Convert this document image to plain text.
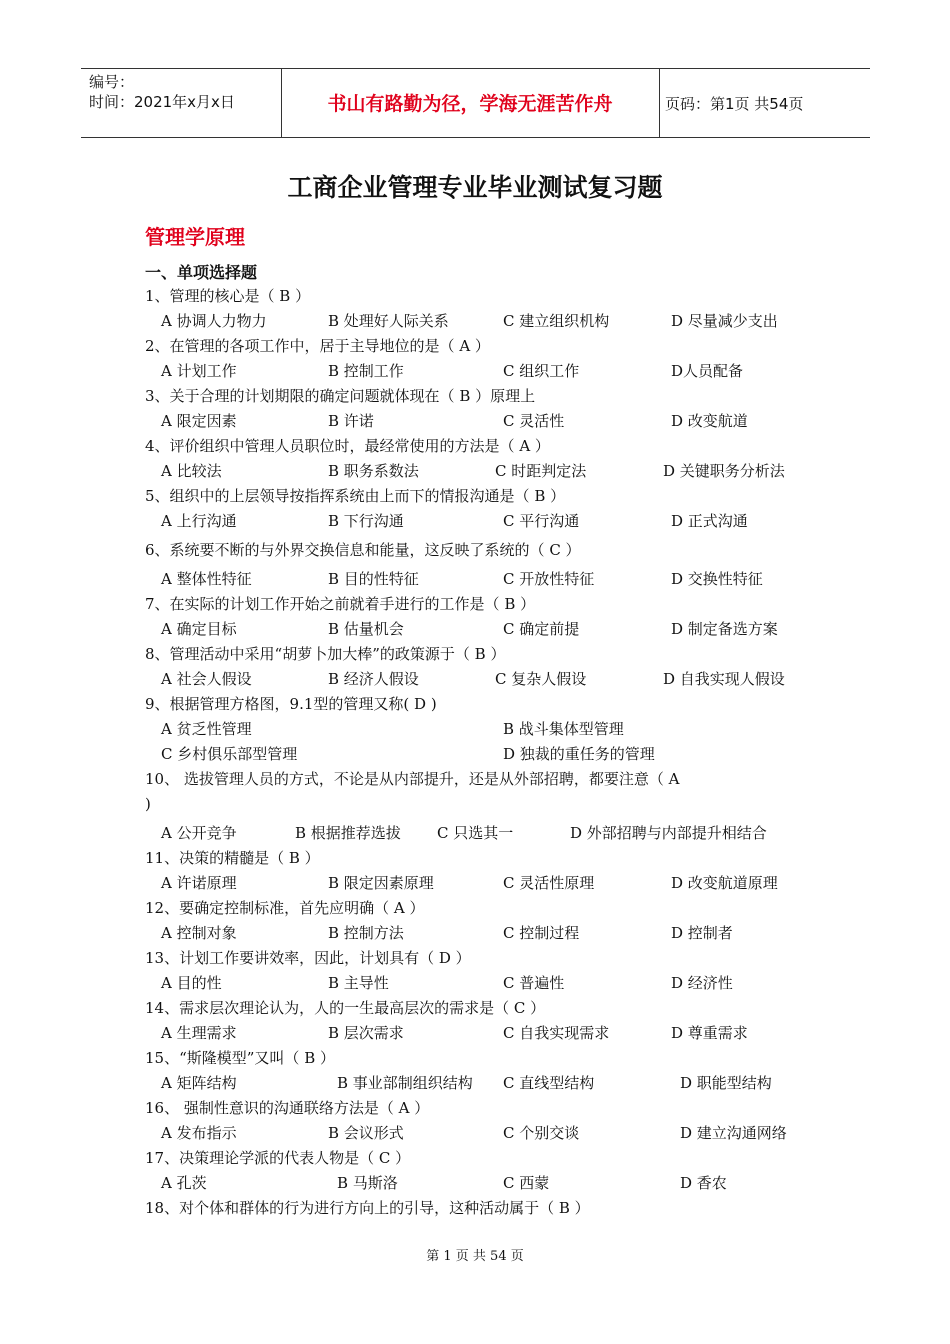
编号：
时间：2021年x月x日	书山有路勤为径，学海无涯苦作舟	页码：第1页 共54页
工商企业管理专业毕业测试复习题
管理学原理
一、单项选择题
1、管理的核心是（ B ）
A 协调人力物力	B 处理好人际关系	C 建立组织机构	D 尽量减少支出
2、在管理的各项工作中，居于主导地位的是（ A ）
A 计划工作	B 控制工作	C 组织工作	D人员配备
3、关于合理的计划期限的确定问题就体现在（ B ）原理上
A 限定因素	B 许诺	C 灵活性	D 改变航道
4、评价组织中管理人员职位时，最经常使用的方法是（ A ）
A 比较法	B 职务系数法	C 时距判定法	D 关键职务分析法
5、组织中的上层领导按指挥系统由上而下的情报沟通是（ B ）
A 上行沟通	B 下行沟通	C 平行沟通	D 正式沟通
6、系统要不断的与外界交换信息和能量，这反映了系统的（ C ）
A 整体性特征	B 目的性特征	C 开放性特征	D 交换性特征
7、在实际的计划工作开始之前就着手进行的工作是（ B ）
A 确定目标	B 估量机会	C 确定前提	D 制定备选方案
8、管理活动中采用“胡萝卜加大棒”的政策源于（ B ）
A 社会人假设	B 经济人假设	C 复杂人假设	D 自我实现人假设
9、根据管理方格图，9.1型的管理又称( D )
A 贫乏性管理	B 战斗集体型管理
C 乡村俱乐部型管理	D 独裁的重任务的管理
10、 选拔管理人员的方式，不论是从内部提升，还是从外部招聘，都要注意（ A
)
A 公开竞争	B 根据推荐选拔 C 只选其一	D 外部招聘与内部提升相结合
11、决策的精髓是（ B ）
A 许诺原理	B 限定因素原理	C 灵活性原理	D 改变航道原理
12、要确定控制标准，首先应明确（ A ）
A 控制对象	B 控制方法	C 控制过程	D 控制者
13、计划工作要讲效率，因此，计划具有（ D ）
A 目的性	B 主导性	C 普遍性	D 经济性
14、需求层次理论认为，人的一生最高层次的需求是（ C ）
A 生理需求	B 层次需求	C 自我实现需求	D 尊重需求
15、“斯隆模型”又叫（ B ）
A 矩阵结构	B 事业部制组织结构 C 直线型结构	D 职能型结构
16、 强制性意识的沟通联络方法是（ A ）
A 发布指示	B 会议形式	C 个别交谈	D 建立沟通网络
17、决策理论学派的代表人物是（ C ）
A 孔茨	B 马斯洛	C 西蒙	D 香农
18、对个体和群体的行为进行方向上的引导，这种活动属于（ B ）
第 1 页 共 54 页
